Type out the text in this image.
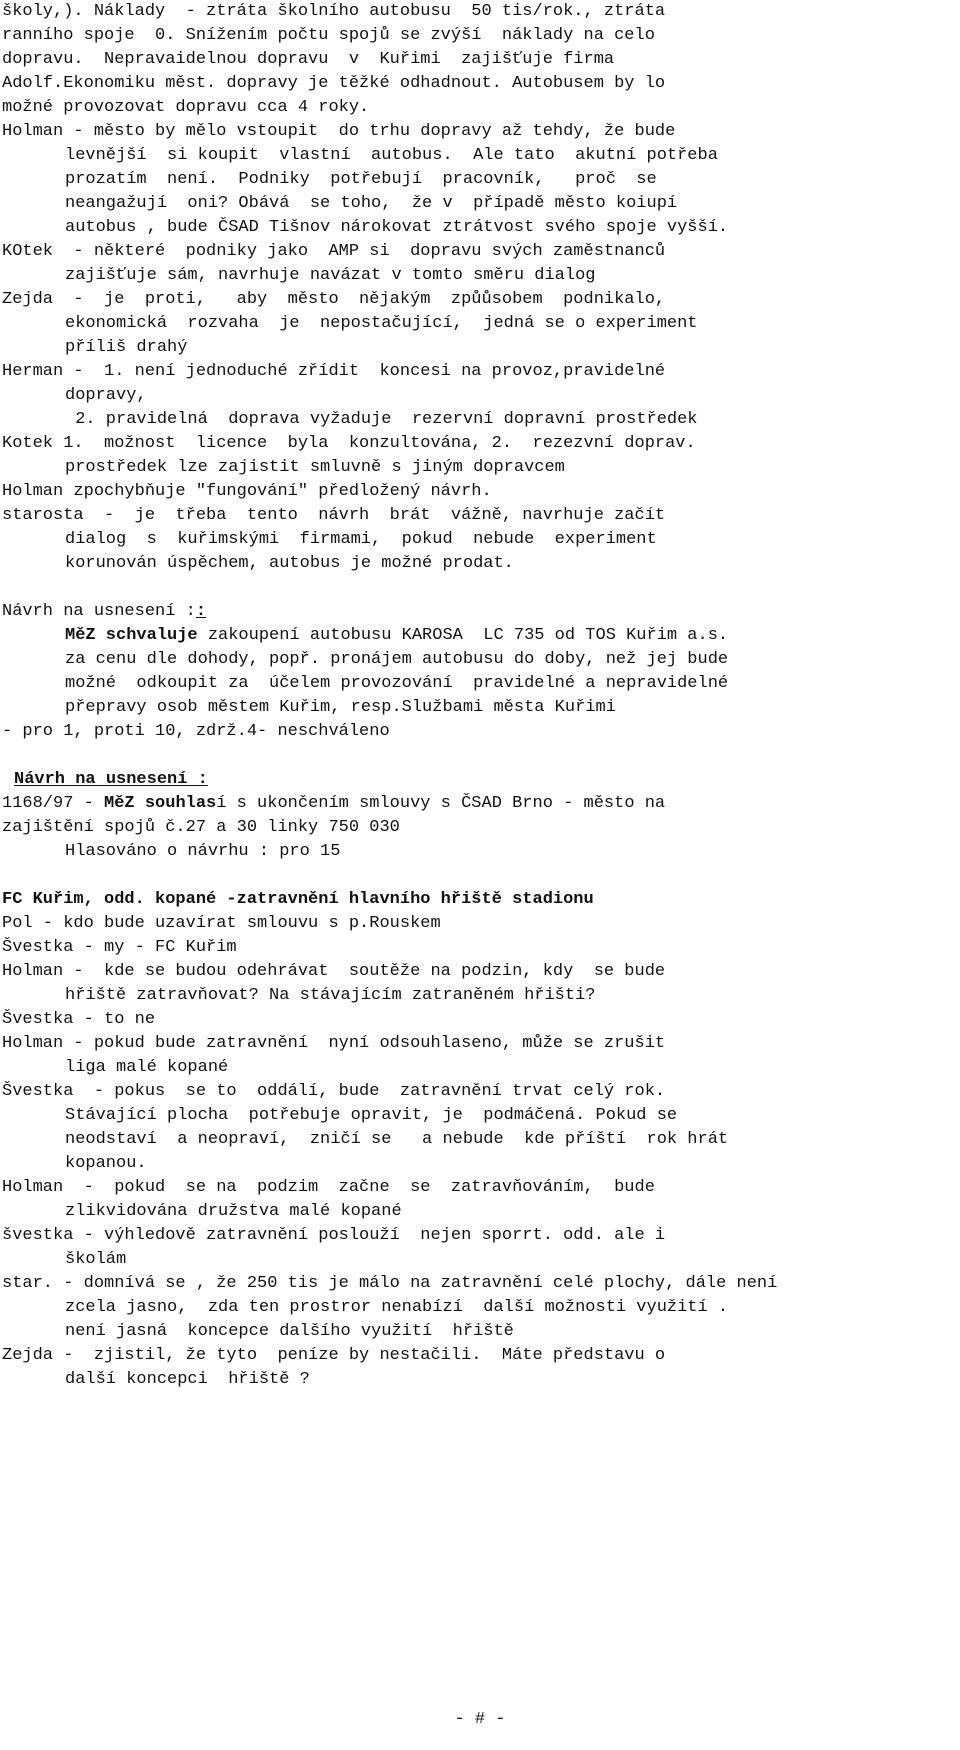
školy,). Náklady  - ztráta školního autobusu  50 tis/rok., ztráta
ranního spoje  0. Snížením počtu spojů se zvýší  náklady na celo
dopravu.  Nepravaidelnou dopravu  v  Kuřimi  zajišťuje firma
Adolf.Ekonomiku měst. dopravy je těžké odhadnout. Autobusem by lo
možné provozovat dopravu cca 4 roky.
Holman - město by mělo vstoupit  do trhu dopravy až tehdy, že bude
levnější  si koupit  vlastní  autobus.  Ale tato  akutní potřeba
prozatím  není.  Podniky  potřebují  pracovník,   proč  se
neangažují  oni? Obává  se toho,  že v  případě město koiupí
autobus , bude ČSAD Tišnov nárokovat ztrátvost svého spoje vyšší.
KOtek  - některé  podniky jako  AMP si  dopravu svých zaměstnanců
zajišťuje sám, navrhuje navázat v tomto směru dialog
Zejda  -  je  proti,   aby  město  nějakým  způůsobem  podnikalo,
ekonomická  rozvaha  je  nepostačující,  jedná se o experiment
příliš drahý
Herman -  1. není jednoduché zřídit  koncesi na provoz,pravidelné
dopravy,
2. pravidelná  doprava vyžaduje  rezervní dopravní prostředek
Kotek 1.  možnost  licence  byla  konzultována, 2.  rezezvní doprav.
prostředek lze zajistit smluvně s jiným dopravcem
Holman zpochybňuje "fungování" předložený návrh.
starosta  -  je  třeba  tento  návrh  brát  vážně, navrhuje začít
dialog  s  kuřimskými  firmami,  pokud  nebude  experiment
korunován úspěchem, autobus je možné prodat.
Návrh na usnesení ::
MěZ schvaluje zakoupení autobusu KAROSA  LC 735 od TOS Kuřim a.s.
za cenu dle dohody, popř. pronájem autobusu do doby, než jej bude
možné  odkoupit za  účelem provozování  pravidelné a nepravidelné
přepravy osob městem Kuřim, resp.Službami města Kuřimi
- pro 1, proti 10, zdrž.4- neschváleno
Návrh na usnesení :
1168/97 - MěZ souhlasí s ukončením smlouvy s ČSAD Brno - město na
zajištění spojů č.27 a 30 linky 750 030
Hlasováno o návrhu : pro 15
FC Kuřim, odd. kopané -zatravnění hlavního hřiště stadionu
Pol - kdo bude uzavírat smlouvu s p.Rouskem
Švestka - my - FC Kuřim
Holman -  kde se budou odehrávat  soutěže na podzin, kdy  se bude
hřiště zatravňovat? Na stávajícím zatraněném hřišti?
Švestka - to ne
Holman - pokud bude zatravnění  nyní odsouhlaseno, může se zrušit
liga malé kopané
Švestka  - pokus  se to  oddálí, bude  zatravnění trvat celý rok.
Stávající plocha  potřebuje opravit, je  podmáčená. Pokud se
neodstaví  a neopraví,  zničí se   a nebude  kde příští  rok hrát
kopanou.
Holman  -  pokud  se na  podzim  začne  se  zatravňováním,  bude
zlikvidována družstva malé kopané
švestka - výhledově zatravnění poslouží  nejen sporrt. odd. ale i
školám
star. - domnívá se , že 250 tis je málo na zatravnění celé plochy, dále není
zcela jasno,  zda ten prostror nenabízí  další možnosti využití .
není jasná  koncepce dalšího využití  hřiště
Zejda -  zjistil, že tyto  peníze by nestačili.  Máte představu o
další koncepci  hřiště ?
- # -
